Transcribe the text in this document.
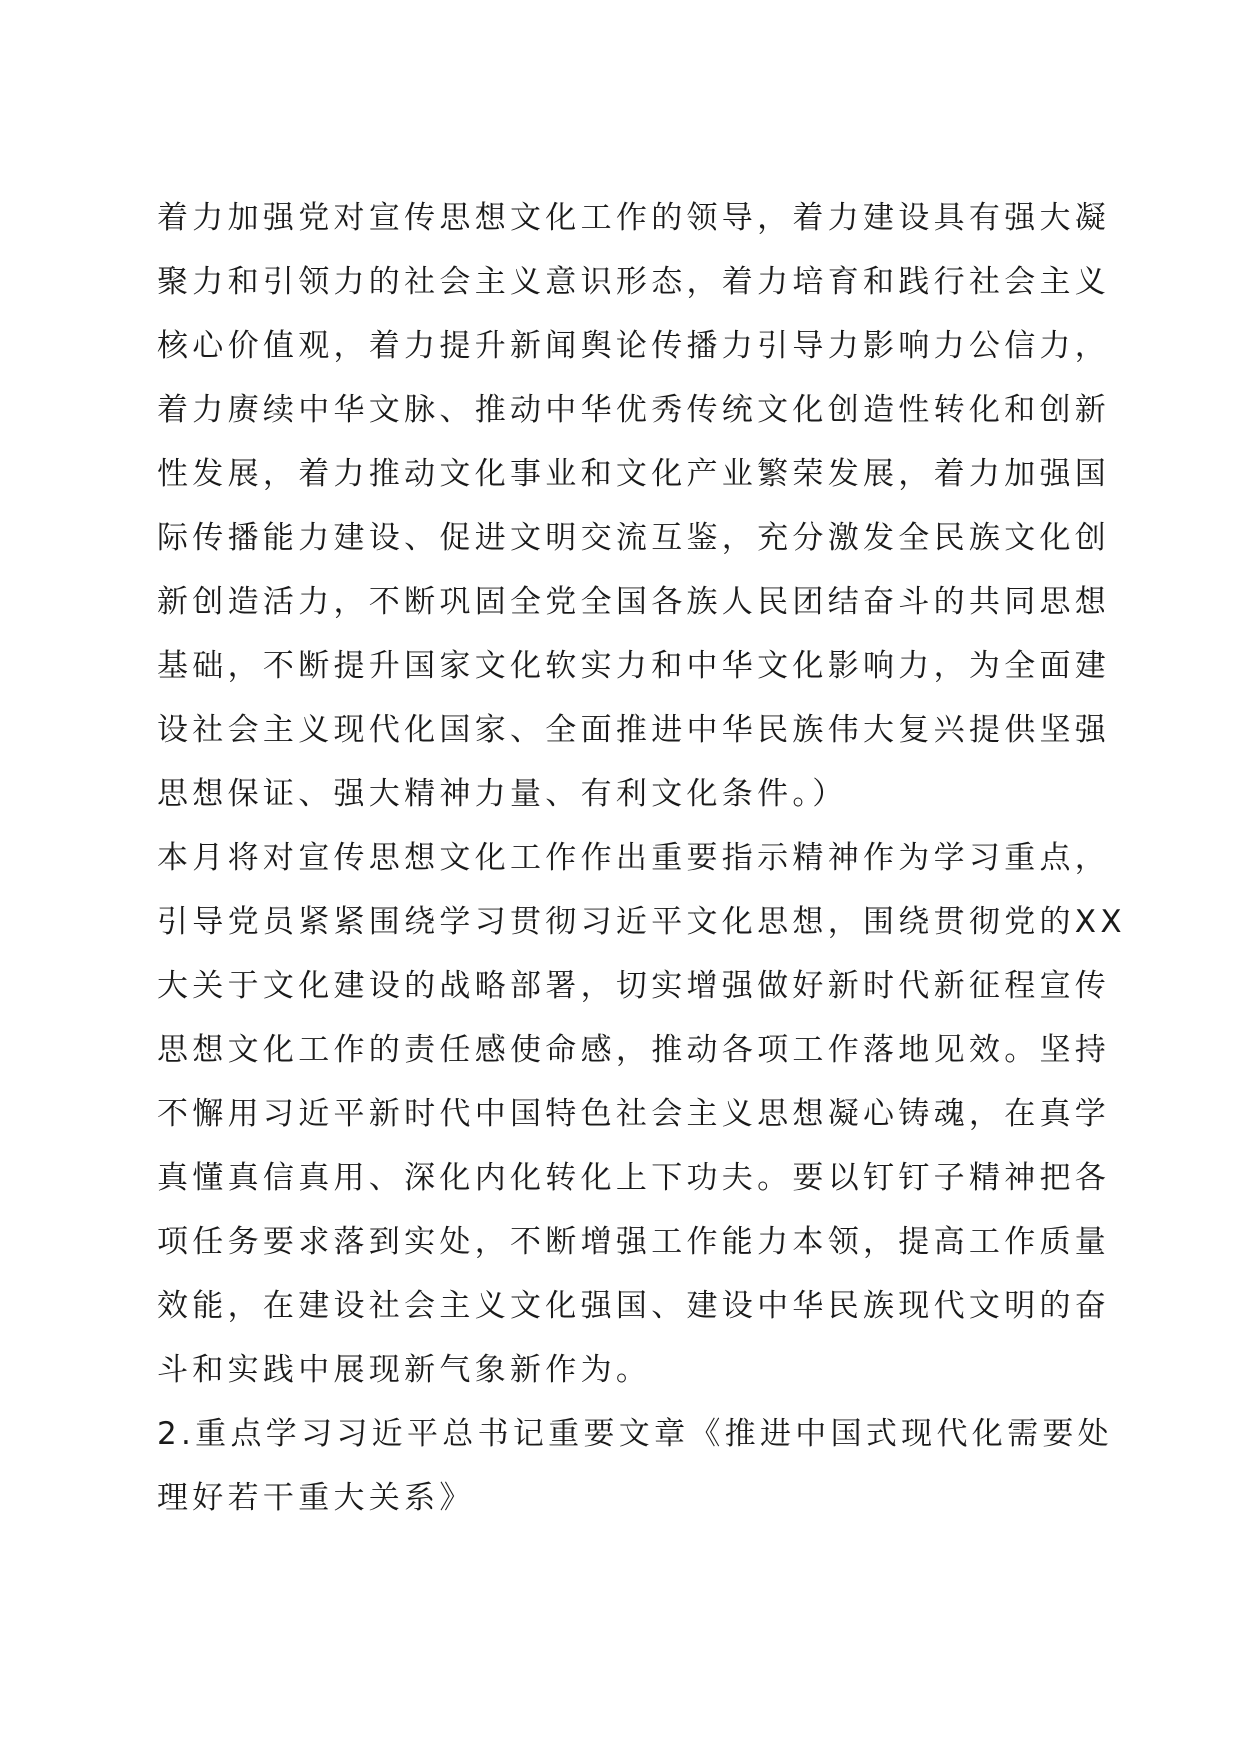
着力加强党对宣传思想文化工作的领导，着力建设具有强大凝
聚力和引领力的社会主义意识形态，着力培育和践行社会主义
核心价值观，着力提升新闻舆论传播力引导力影响力公信力，
着力赓续中华文脉、推动中华优秀传统文化创造性转化和创新
性发展，着力推动文化事业和文化产业繁荣发展，着力加强国
际传播能力建设、促进文明交流互鉴，充分激发全民族文化创
新创造活力，不断巩固全党全国各族人民团结奋斗的共同思想
基础，不断提升国家文化软实力和中华文化影响力，为全面建
设社会主义现代化国家、全面推进中华民族伟大复兴提供坚强
思想保证、强大精神力量、有利文化条件。）
本月将对宣传思想文化工作作出重要指示精神作为学习重点，
引导党员紧紧围绕学习贯彻习近平文化思想，围绕贯彻党的XX
大关于文化建设的战略部署，切实增强做好新时代新征程宣传
思想文化工作的责任感使命感，推动各项工作落地见效。坚持
不懈用习近平新时代中国特色社会主义思想凝心铸魂，在真学
真懂真信真用、深化内化转化上下功夫。要以钉钉子精神把各
项任务要求落到实处，不断增强工作能力本领，提高工作质量
效能，在建设社会主义文化强国、建设中华民族现代文明的奋
斗和实践中展现新气象新作为。
2.重点学习习近平总书记重要文章《推进中国式现代化需要处
理好若干重大关系》
